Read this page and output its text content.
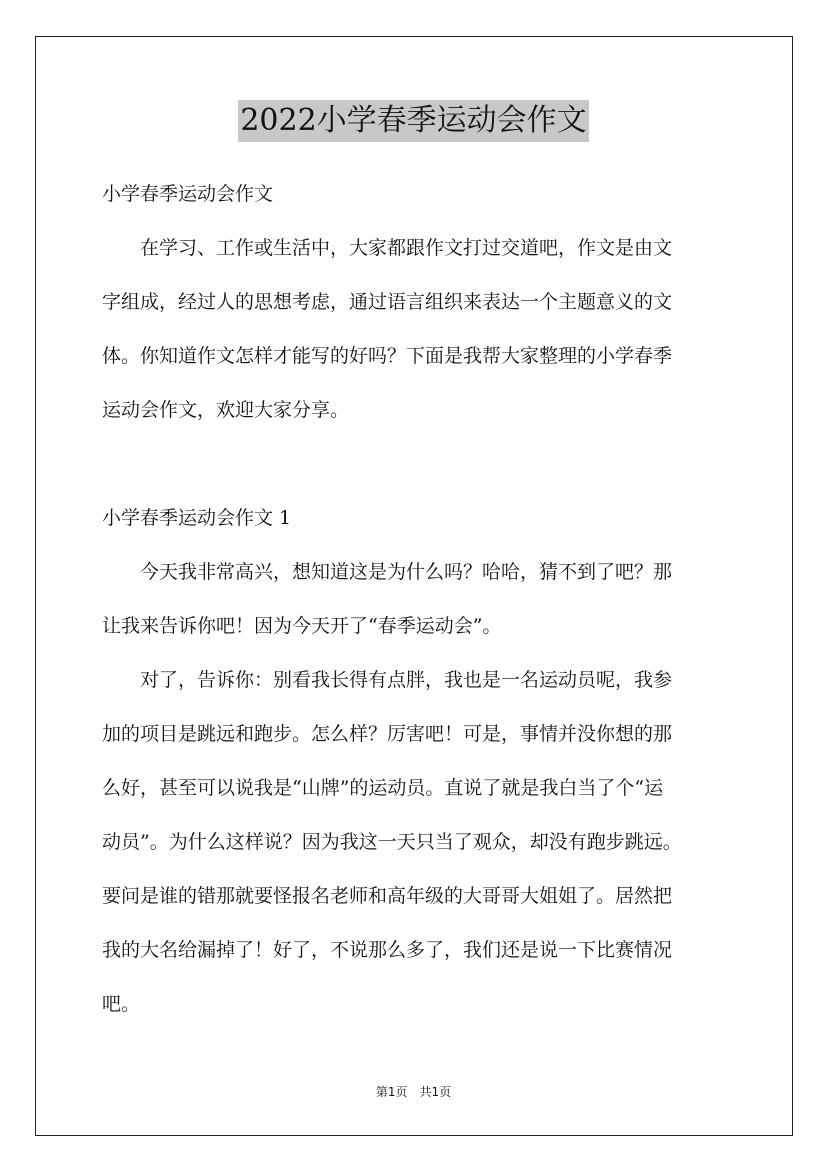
2022小学春季运动会作文
小学春季运动会作文
　　在学习、工作或生活中，大家都跟作文打过交道吧，作文是由文
字组成，经过人的思想考虑，通过语言组织来表达一个主题意义的文
体。你知道作文怎样才能写的好吗？下面是我帮大家整理的小学春季
运动会作文，欢迎大家分享。
小学春季运动会作文 1
　　今天我非常高兴，想知道这是为什么吗？哈哈，猜不到了吧？那
让我来告诉你吧！因为今天开了“春季运动会”。
　　对了，告诉你：别看我长得有点胖，我也是一名运动员呢，我参
加的项目是跳远和跑步。怎么样？厉害吧！可是，事情并没你想的那
么好，甚至可以说我是“山牌”的运动员。直说了就是我白当了个“运
动员”。为什么这样说？因为我这一天只当了观众，却没有跑步跳远。
要问是谁的错那就要怪报名老师和高年级的大哥哥大姐姐了。居然把
我的大名给漏掉了！好了，不说那么多了，我们还是说一下比赛情况
吧。
第1页　共1页
